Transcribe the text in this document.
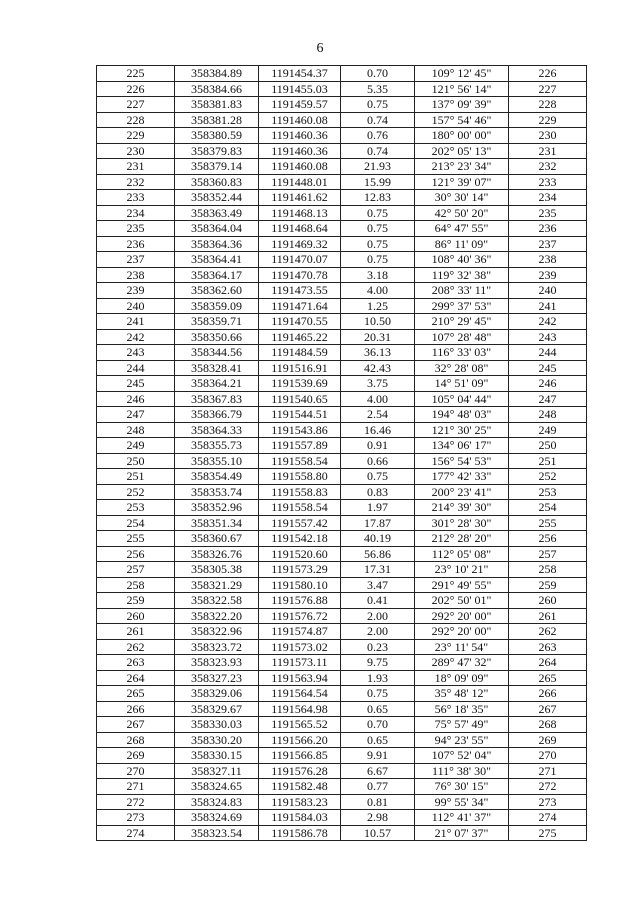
6
225	358384.89	1191454.37	0.70	109° 12' 45"	226
226	358384.66	1191455.03	5.35	121° 56' 14"	227
227	358381.83	1191459.57	0.75	137° 09' 39"	228
228	358381.28	1191460.08	0.74	157° 54' 46"	229
229	358380.59	1191460.36	0.76	180° 00' 00"	230
230	358379.83	1191460.36	0.74	202° 05' 13"	231
231	358379.14	1191460.08	21.93	213° 23' 34"	232
232	358360.83	1191448.01	15.99	121° 39' 07"	233
233	358352.44	1191461.62	12.83	30° 30' 14"	234
234	358363.49	1191468.13	0.75	42° 50' 20"	235
235	358364.04	1191468.64	0.75	64° 47' 55"	236
236	358364.36	1191469.32	0.75	86° 11' 09"	237
237	358364.41	1191470.07	0.75	108° 40' 36"	238
238	358364.17	1191470.78	3.18	119° 32' 38"	239
239	358362.60	1191473.55	4.00	208° 33' 11"	240
240	358359.09	1191471.64	1.25	299° 37' 53"	241
241	358359.71	1191470.55	10.50	210° 29' 45"	242
242	358350.66	1191465.22	20.31	107° 28' 48"	243
243	358344.56	1191484.59	36.13	116° 33' 03"	244
244	358328.41	1191516.91	42.43	32° 28' 08"	245
245	358364.21	1191539.69	3.75	14° 51' 09"	246
246	358367.83	1191540.65	4.00	105° 04' 44"	247
247	358366.79	1191544.51	2.54	194° 48' 03"	248
248	358364.33	1191543.86	16.46	121° 30' 25"	249
249	358355.73	1191557.89	0.91	134° 06' 17"	250
250	358355.10	1191558.54	0.66	156° 54' 53"	251
251	358354.49	1191558.80	0.75	177° 42' 33"	252
252	358353.74	1191558.83	0.83	200° 23' 41"	253
253	358352.96	1191558.54	1.97	214° 39' 30"	254
254	358351.34	1191557.42	17.87	301° 28' 30"	255
255	358360.67	1191542.18	40.19	212° 28' 20"	256
256	358326.76	1191520.60	56.86	112° 05' 08"	257
257	358305.38	1191573.29	17.31	23° 10' 21"	258
258	358321.29	1191580.10	3.47	291° 49' 55"	259
259	358322.58	1191576.88	0.41	202° 50' 01"	260
260	358322.20	1191576.72	2.00	292° 20' 00"	261
261	358322.96	1191574.87	2.00	292° 20' 00"	262
262	358323.72	1191573.02	0.23	23° 11' 54"	263
263	358323.93	1191573.11	9.75	289° 47' 32"	264
264	358327.23	1191563.94	1.93	18° 09' 09"	265
265	358329.06	1191564.54	0.75	35° 48' 12"	266
266	358329.67	1191564.98	0.65	56° 18' 35"	267
267	358330.03	1191565.52	0.70	75° 57' 49"	268
268	358330.20	1191566.20	0.65	94° 23' 55"	269
269	358330.15	1191566.85	9.91	107° 52' 04"	270
270	358327.11	1191576.28	6.67	111° 38' 30"	271
271	358324.65	1191582.48	0.77	76° 30' 15"	272
272	358324.83	1191583.23	0.81	99° 55' 34"	273
273	358324.69	1191584.03	2.98	112° 41' 37"	274
274	358323.54	1191586.78	10.57	21° 07' 37"	275
